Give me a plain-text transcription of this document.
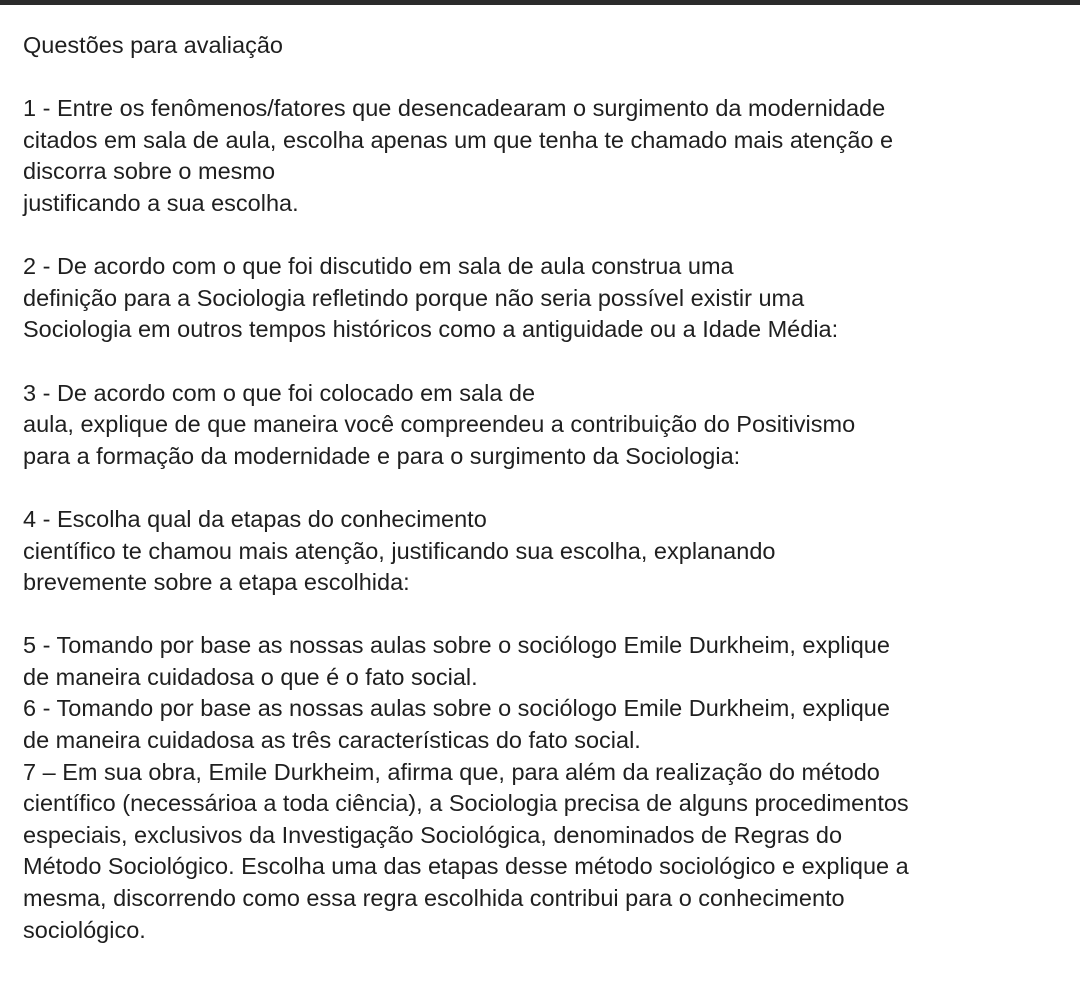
Questões para avaliação
1 - Entre os fenômenos/fatores que desencadearam o surgimento da modernidade
citados em sala de aula, escolha apenas um que tenha te chamado mais atenção e
discorra sobre o mesmo
justificando a sua escolha.
2 - De acordo com o que foi discutido em sala de aula construa uma
definição para a Sociologia refletindo porque não seria possível existir uma
Sociologia em outros tempos históricos como a antiguidade ou a Idade Média:
3 - De acordo com o que foi colocado em sala de
aula, explique de que maneira você compreendeu a contribuição do Positivismo
para a formação da modernidade e para o surgimento da Sociologia:
4 - Escolha qual da etapas do conhecimento
científico te chamou mais atenção, justificando sua escolha, explanando
brevemente sobre a etapa escolhida:
5 - Tomando por base as nossas aulas sobre o sociólogo Emile Durkheim, explique
de maneira cuidadosa o que é o fato social.
6 - Tomando por base as nossas aulas sobre o sociólogo Emile Durkheim, explique
de maneira cuidadosa as três características do fato social.
7 – Em sua obra, Emile Durkheim, afirma que, para além da realização do método
científico (necessárioa a toda ciência), a Sociologia precisa de alguns procedimentos
especiais, exclusivos da Investigação Sociológica, denominados de Regras do
Método Sociológico. Escolha uma das etapas desse método sociológico e explique a
mesma, discorrendo como essa regra escolhida contribui para o conhecimento
sociológico.
